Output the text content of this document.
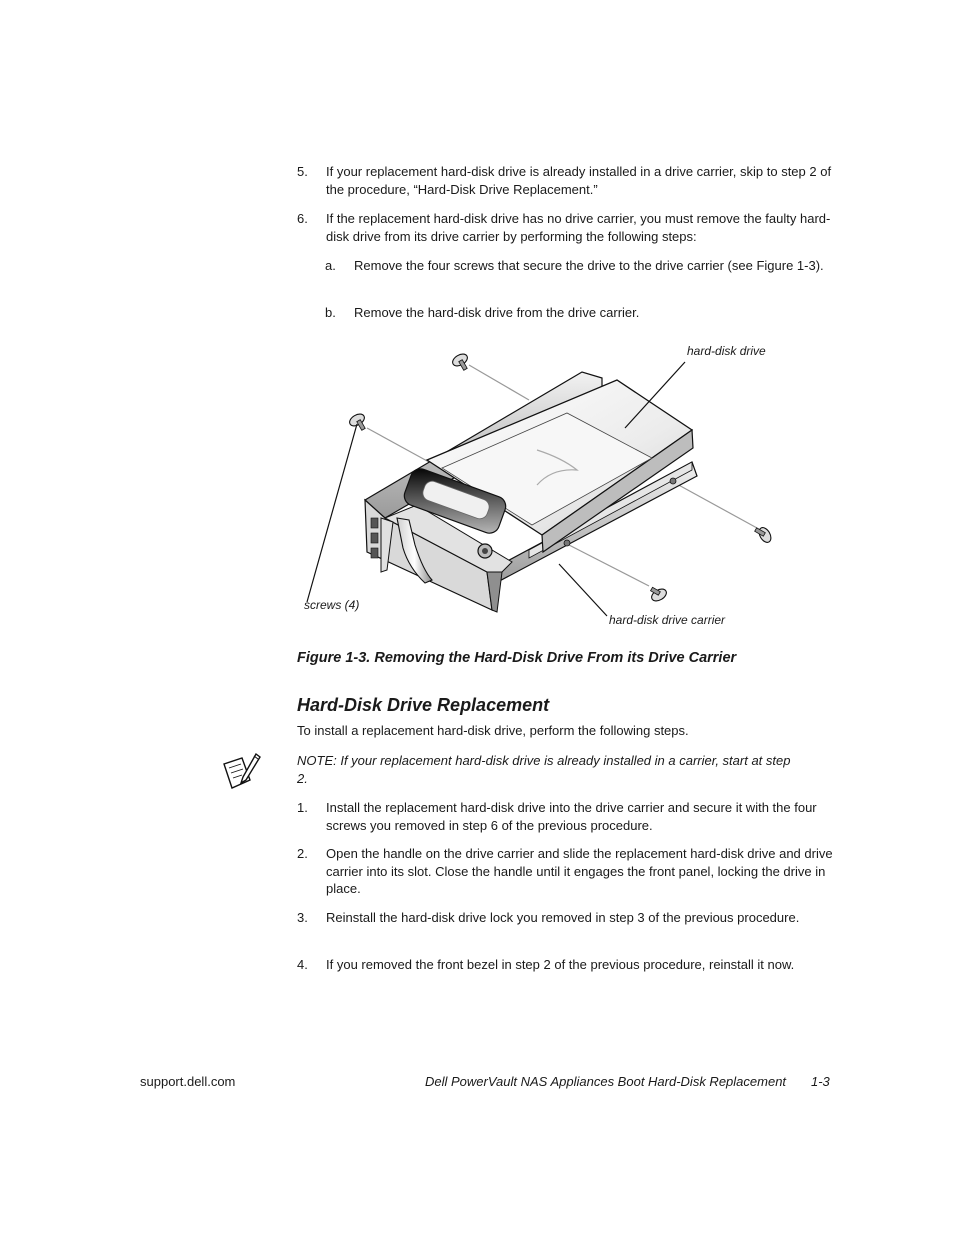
5. If your replacement hard-disk drive is already installed in a drive carrier, skip to step 2 of the procedure, “Hard-Disk Drive Replacement.”
6. If the replacement hard-disk drive has no drive carrier, you must remove the faulty hard-disk drive from its drive carrier by performing the following steps:
a. Remove the four screws that secure the drive to the drive carrier (see Figure 1-3).
b. Remove the hard-disk drive from the drive carrier.
hard-disk drive
screws (4)
hard-disk drive carrier
Figure 1-3. Removing the Hard-Disk Drive From its Drive Carrier
Hard-Disk Drive Replacement
To install a replacement hard-disk drive, perform the following steps.
NOTE: If your replacement hard-disk drive is already installed in a carrier, start at step 2.
1. Install the replacement hard-disk drive into the drive carrier and secure it with the four screws you removed in step 6 of the previous procedure.
2. Open the handle on the drive carrier and slide the replacement hard-disk drive and drive carrier into its slot. Close the handle until it engages the front panel, locking the drive in place.
3. Reinstall the hard-disk drive lock you removed in step 3 of the previous procedure.
4. If you removed the front bezel in step 2 of the previous procedure, reinstall it now.
support.dell.com	Dell PowerVault NAS Appliances Boot Hard-Disk Replacement 1-3
